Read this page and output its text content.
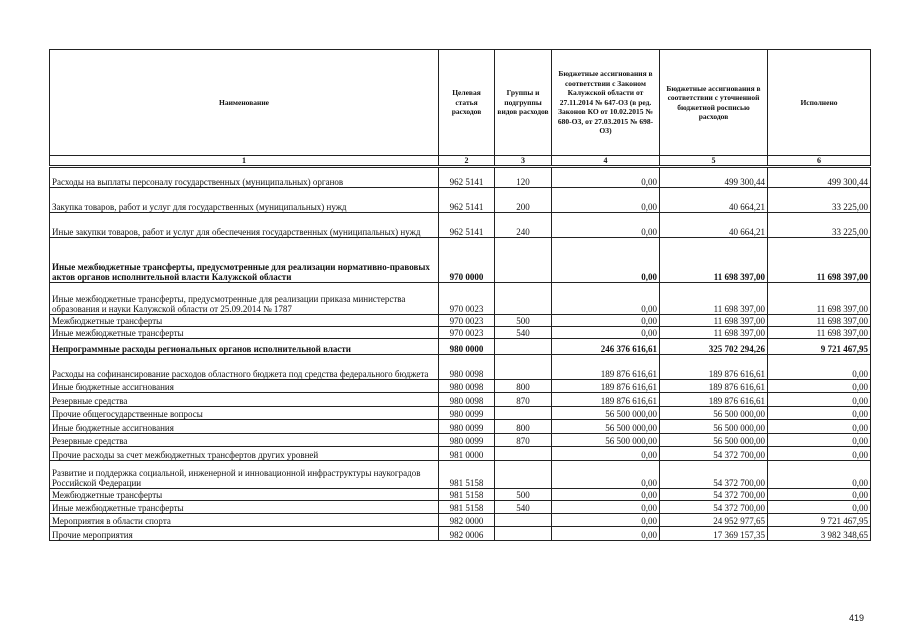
Наименование	Целевая статья расходов	Группы и подгруппы видов расходов	Бюджетные ассигнования в соответствии с Законом Калужской области от 27.11.2014 № 647-ОЗ (в ред. Законов КО от 10.02.2015 № 680-ОЗ, от 27.03.2015 № 698-ОЗ)	Бюджетные ассигнования в соответствии с уточненной бюджетной росписью расходов	Исполнено
1	2	3	4	5	6
Расходы на выплаты персоналу государственных (муниципальных) органов	962 5141	120	0,00	499 300,44	499 300,44
Закупка товаров, работ и услуг для государственных (муниципальных) нужд	962 5141	200	0,00	40 664,21	33 225,00
Иные закупки товаров, работ и услуг для обеспечения государственных (муниципальных) нужд	962 5141	240	0,00	40 664,21	33 225,00
Иные межбюджетные трансферты, предусмотренные для реализации нормативно-правовых актов органов исполнительной власти Калужской области	970 0000		0,00	11 698 397,00	11 698 397,00
Иные межбюджетные трансферты, предусмотренные для реализации приказа министерства образования и науки Калужской области от 25.09.2014 № 1787	970 0023		0,00	11 698 397,00	11 698 397,00
Межбюджетные трансферты	970 0023	500	0,00	11 698 397,00	11 698 397,00
Иные межбюджетные трансферты	970 0023	540	0,00	11 698 397,00	11 698 397,00
Непрограммные расходы региональных органов исполнительной власти	980 0000		246 376 616,61	325 702 294,26	9 721 467,95
Расходы на софинансирование расходов областного бюджета под средства федерального бюджета	980 0098		189 876 616,61	189 876 616,61	0,00
Иные бюджетные ассигнования	980 0098	800	189 876 616,61	189 876 616,61	0,00
Резервные средства	980 0098	870	189 876 616,61	189 876 616,61	0,00
Прочие общегосударственные вопросы	980 0099		56 500 000,00	56 500 000,00	0,00
Иные бюджетные ассигнования	980 0099	800	56 500 000,00	56 500 000,00	0,00
Резервные средства	980 0099	870	56 500 000,00	56 500 000,00	0,00
Прочие расходы за счет межбюджетных трансфертов других уровней	981 0000		0,00	54 372 700,00	0,00
Развитие и поддержка социальной, инженерной и инновационной инфраструктуры наукоградов Российской Федерации	981 5158		0,00	54 372 700,00	0,00
Межбюджетные трансферты	981 5158	500	0,00	54 372 700,00	0,00
Иные межбюджетные трансферты	981 5158	540	0,00	54 372 700,00	0,00
Мероприятия в области спорта	982 0000		0,00	24 952 977,65	9 721 467,95
Прочие мероприятия	982 0006		0,00	17 369 157,35	3 982 348,65
419
